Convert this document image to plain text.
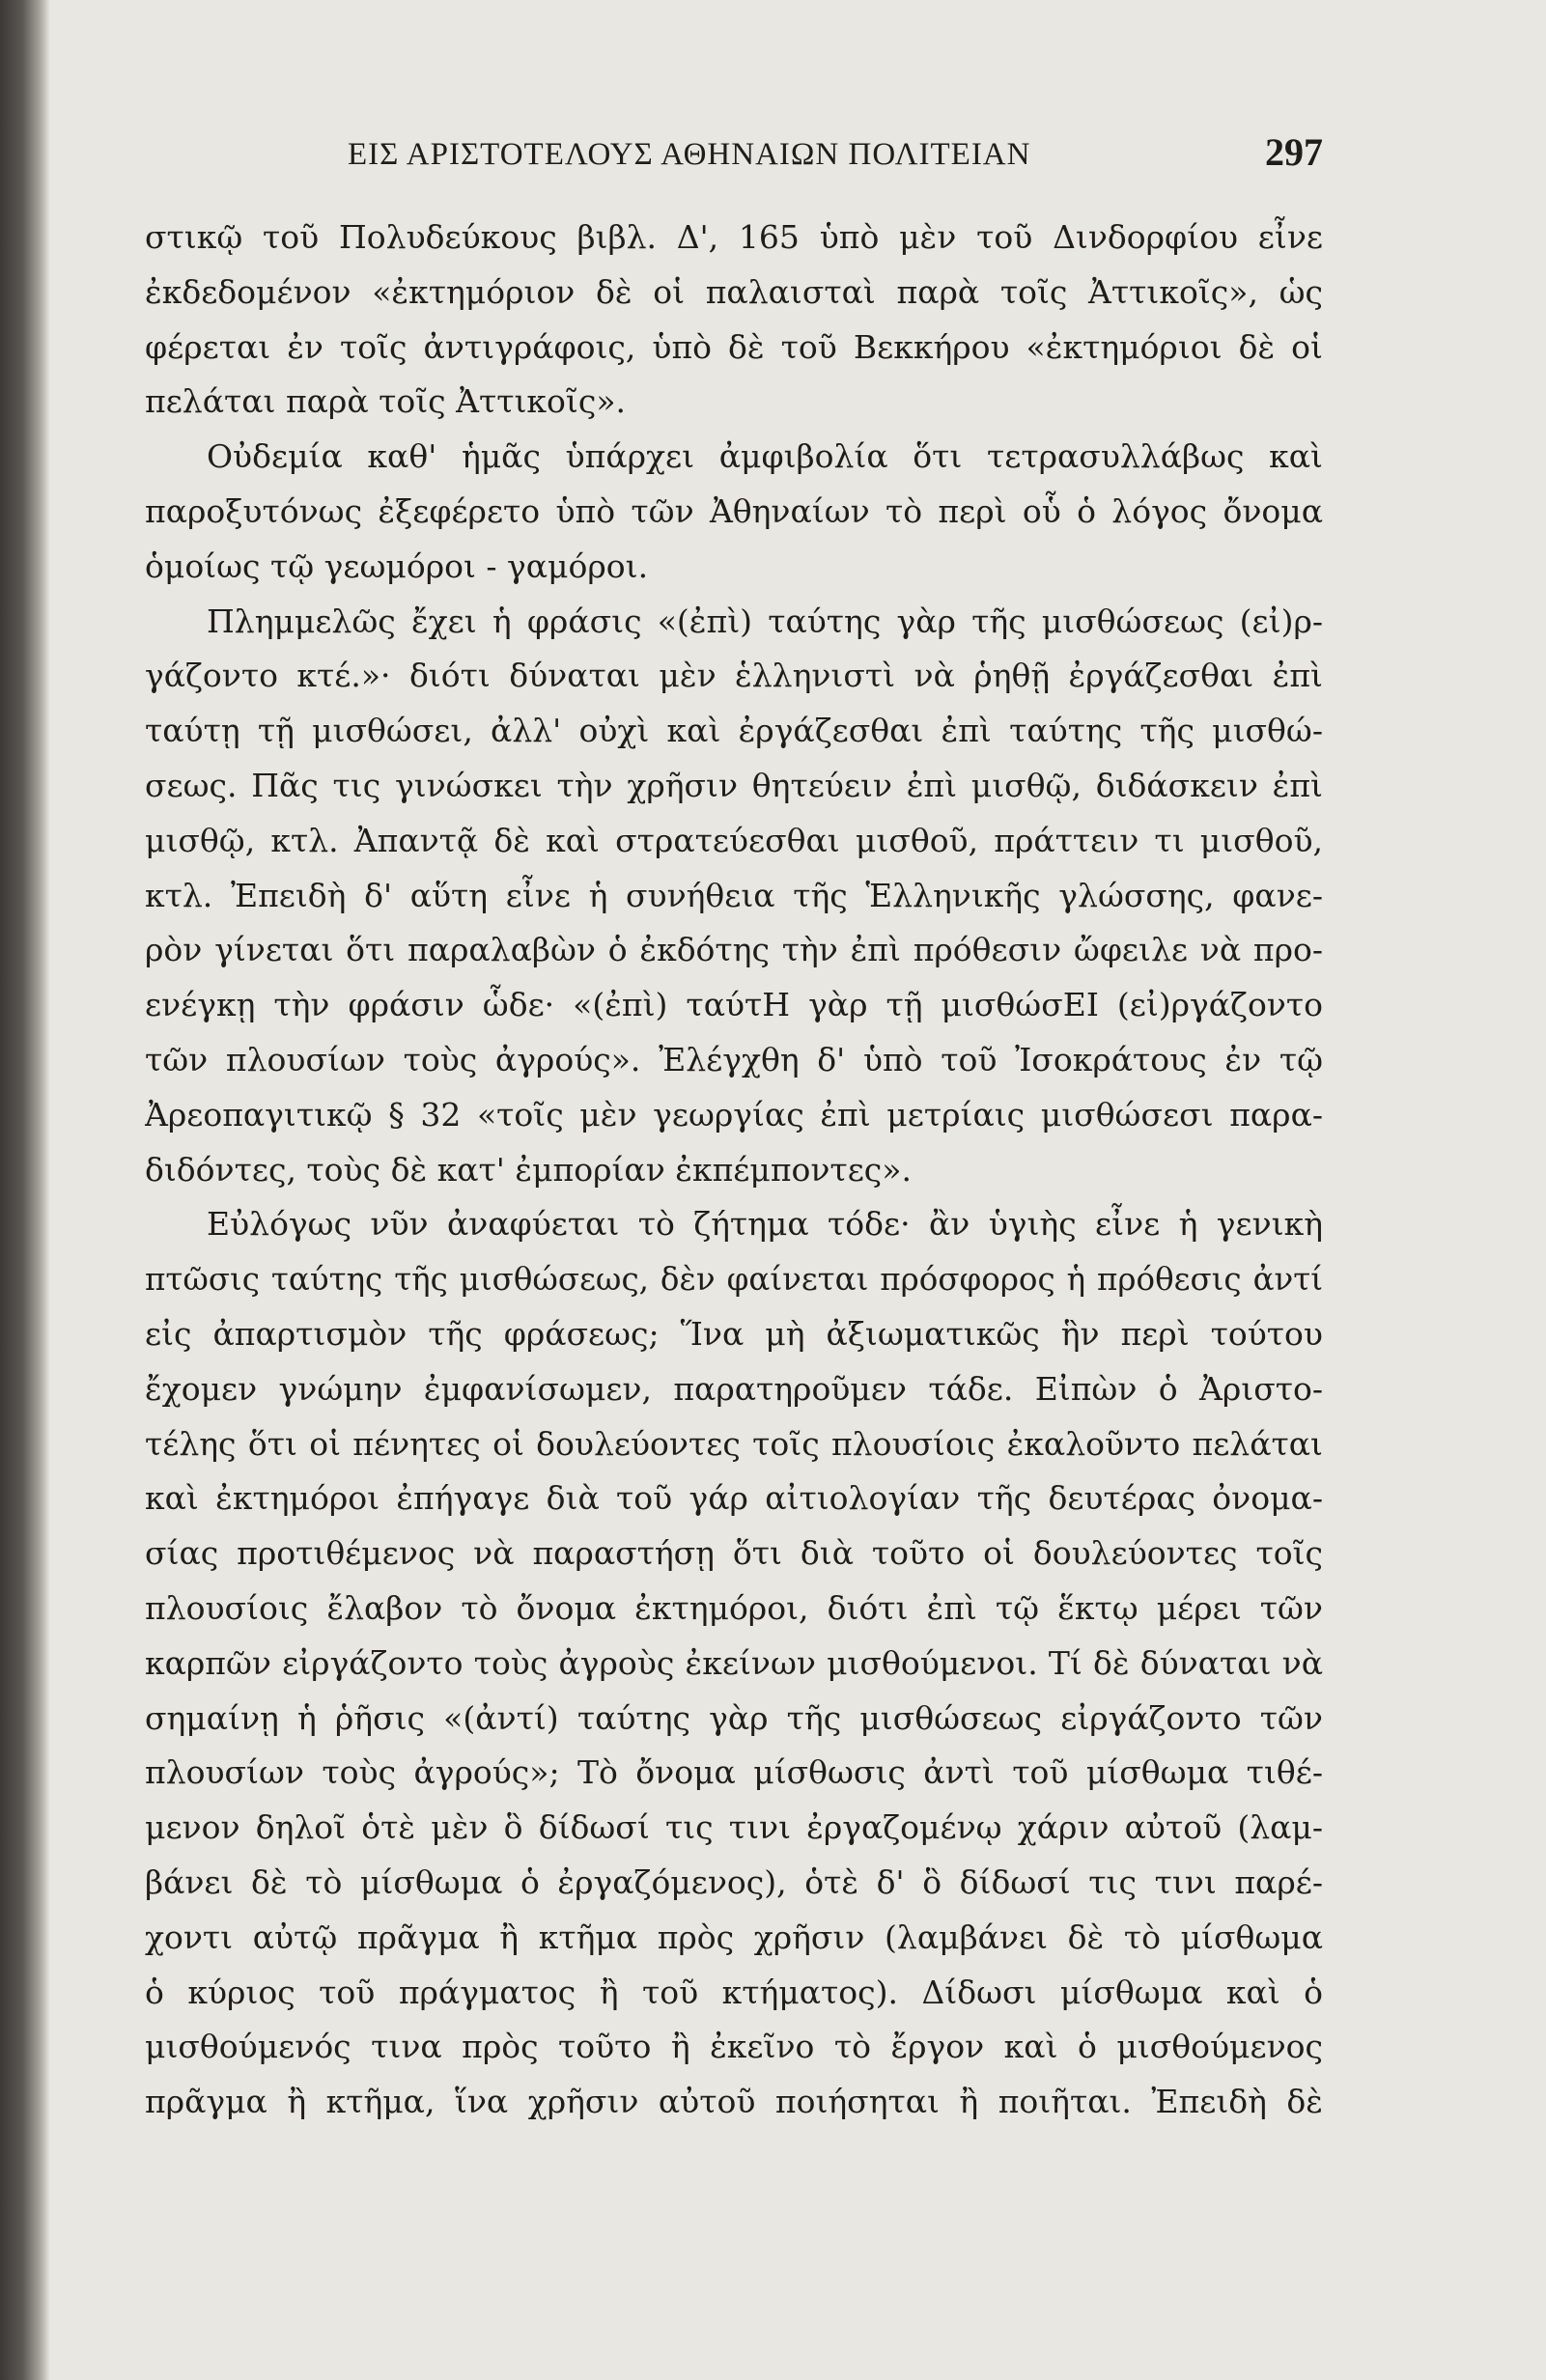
ΕΙΣ ΑΡΙΣΤΟΤΕΛΟΥΣ ΑΘΗΝΑΙΩΝ ΠΟΛΙΤΕΙΑΝ	297
στικῷ τοῦ Πολυδεύκους βιβλ. Δ', 165 ὑπὸ μὲν τοῦ Δινδορφίου εἶνε
ἐκδεδομένον «ἐκτημόριον δὲ οἱ παλαισταὶ παρὰ τοῖς Ἀττικοῖς», ὡς
φέρεται ἐν τοῖς ἀντιγράφοις, ὑπὸ δὲ τοῦ Βεκκήρου «ἐκτημόριοι δὲ οἱ
πελάται παρὰ τοῖς Ἀττικοῖς».
Οὐδεμία καθ' ἡμᾶς ὑπάρχει ἀμφιβολία ὅτι τετρασυλλάβως καὶ
παροξυτόνως ἐξεφέρετο ὑπὸ τῶν Ἀθηναίων τὸ περὶ οὗ ὁ λόγος ὄνομα
ὁμοίως τῷ γεωμόροι - γαμόροι.
Πλημμελῶς ἔχει ἡ φράσις «(ἐπὶ) ταύτης γὰρ τῆς μισθώσεως (εἰ)ρ-
γάζοντο κτέ.»· διότι δύναται μὲν ἑλληνιστὶ νὰ ῥηθῇ ἐργάζεσθαι ἐπὶ
ταύτῃ τῇ μισθώσει, ἀλλ' οὐχὶ καὶ ἐργάζεσθαι ἐπὶ ταύτης τῆς μισθώ-
σεως. Πᾶς τις γινώσκει τὴν χρῆσιν θητεύειν ἐπὶ μισθῷ, διδάσκειν ἐπὶ
μισθῷ, κτλ. Ἀπαντᾷ δὲ καὶ στρατεύεσθαι μισθοῦ, πράττειν τι μισθοῦ,
κτλ. Ἐπειδὴ δ' αὕτη εἶνε ἡ συνήθεια τῆς Ἑλληνικῆς γλώσσης, φανε-
ρὸν γίνεται ὅτι παραλαβὼν ὁ ἐκδότης τὴν ἐπὶ πρόθεσιν ὤφειλε νὰ προ-
ενέγκῃ τὴν φράσιν ὧδε· «(ἐπὶ) ταύτΗ γὰρ τῇ μισθώσΕΙ (εἰ)ργάζοντο
τῶν πλουσίων τοὺς ἀγρούς». Ἐλέγχθη δ' ὑπὸ τοῦ Ἰσοκράτους ἐν τῷ
Ἀρεοπαγιτικῷ § 32 «τοῖς μὲν γεωργίας ἐπὶ μετρίαις μισθώσεσι παρα-
διδόντες, τοὺς δὲ κατ' ἐμπορίαν ἐκπέμποντες».
Εὐλόγως νῦν ἀναφύεται τὸ ζήτημα τόδε· ἂν ὑγιὴς εἶνε ἡ γενικὴ
πτῶσις ταύτης τῆς μισθώσεως, δὲν φαίνεται πρόσφορος ἡ πρόθεσις ἀντί
εἰς ἀπαρτισμὸν τῆς φράσεως; Ἵνα μὴ ἀξιωματικῶς ἣν περὶ τούτου
ἔχομεν γνώμην ἐμφανίσωμεν, παρατηροῦμεν τάδε. Εἰπὼν ὁ Ἀριστο-
τέλης ὅτι οἱ πένητες οἱ δουλεύοντες τοῖς πλουσίοις ἐκαλοῦντο πελάται
καὶ ἐκτημόροι ἐπήγαγε διὰ τοῦ γάρ αἰτιολογίαν τῆς δευτέρας ὀνομα-
σίας προτιθέμενος νὰ παραστήσῃ ὅτι διὰ τοῦτο οἱ δουλεύοντες τοῖς
πλουσίοις ἔλαβον τὸ ὄνομα ἐκτημόροι, διότι ἐπὶ τῷ ἕκτῳ μέρει τῶν
καρπῶν εἰργάζοντο τοὺς ἀγροὺς ἐκείνων μισθούμενοι. Τί δὲ δύναται νὰ
σημαίνῃ ἡ ῥῆσις «(ἀντί) ταύτης γὰρ τῆς μισθώσεως εἰργάζοντο τῶν
πλουσίων τοὺς ἀγρούς»; Τὸ ὄνομα μίσθωσις ἀντὶ τοῦ μίσθωμα τιθέ-
μενον δηλοῖ ὁτὲ μὲν ὃ δίδωσί τις τινι ἐργαζομένῳ χάριν αὐτοῦ (λαμ-
βάνει δὲ τὸ μίσθωμα ὁ ἐργαζόμενος), ὁτὲ δ' ὃ δίδωσί τις τινι παρέ-
χοντι αὐτῷ πρᾶγμα ἢ κτῆμα πρὸς χρῆσιν (λαμβάνει δὲ τὸ μίσθωμα
ὁ κύριος τοῦ πράγματος ἢ τοῦ κτήματος). Δίδωσι μίσθωμα καὶ ὁ
μισθούμενός τινα πρὸς τοῦτο ἢ ἐκεῖνο τὸ ἔργον καὶ ὁ μισθούμενος
πρᾶγμα ἢ κτῆμα, ἵνα χρῆσιν αὐτοῦ ποιήσηται ἢ ποιῆται. Ἐπειδὴ δὲ
